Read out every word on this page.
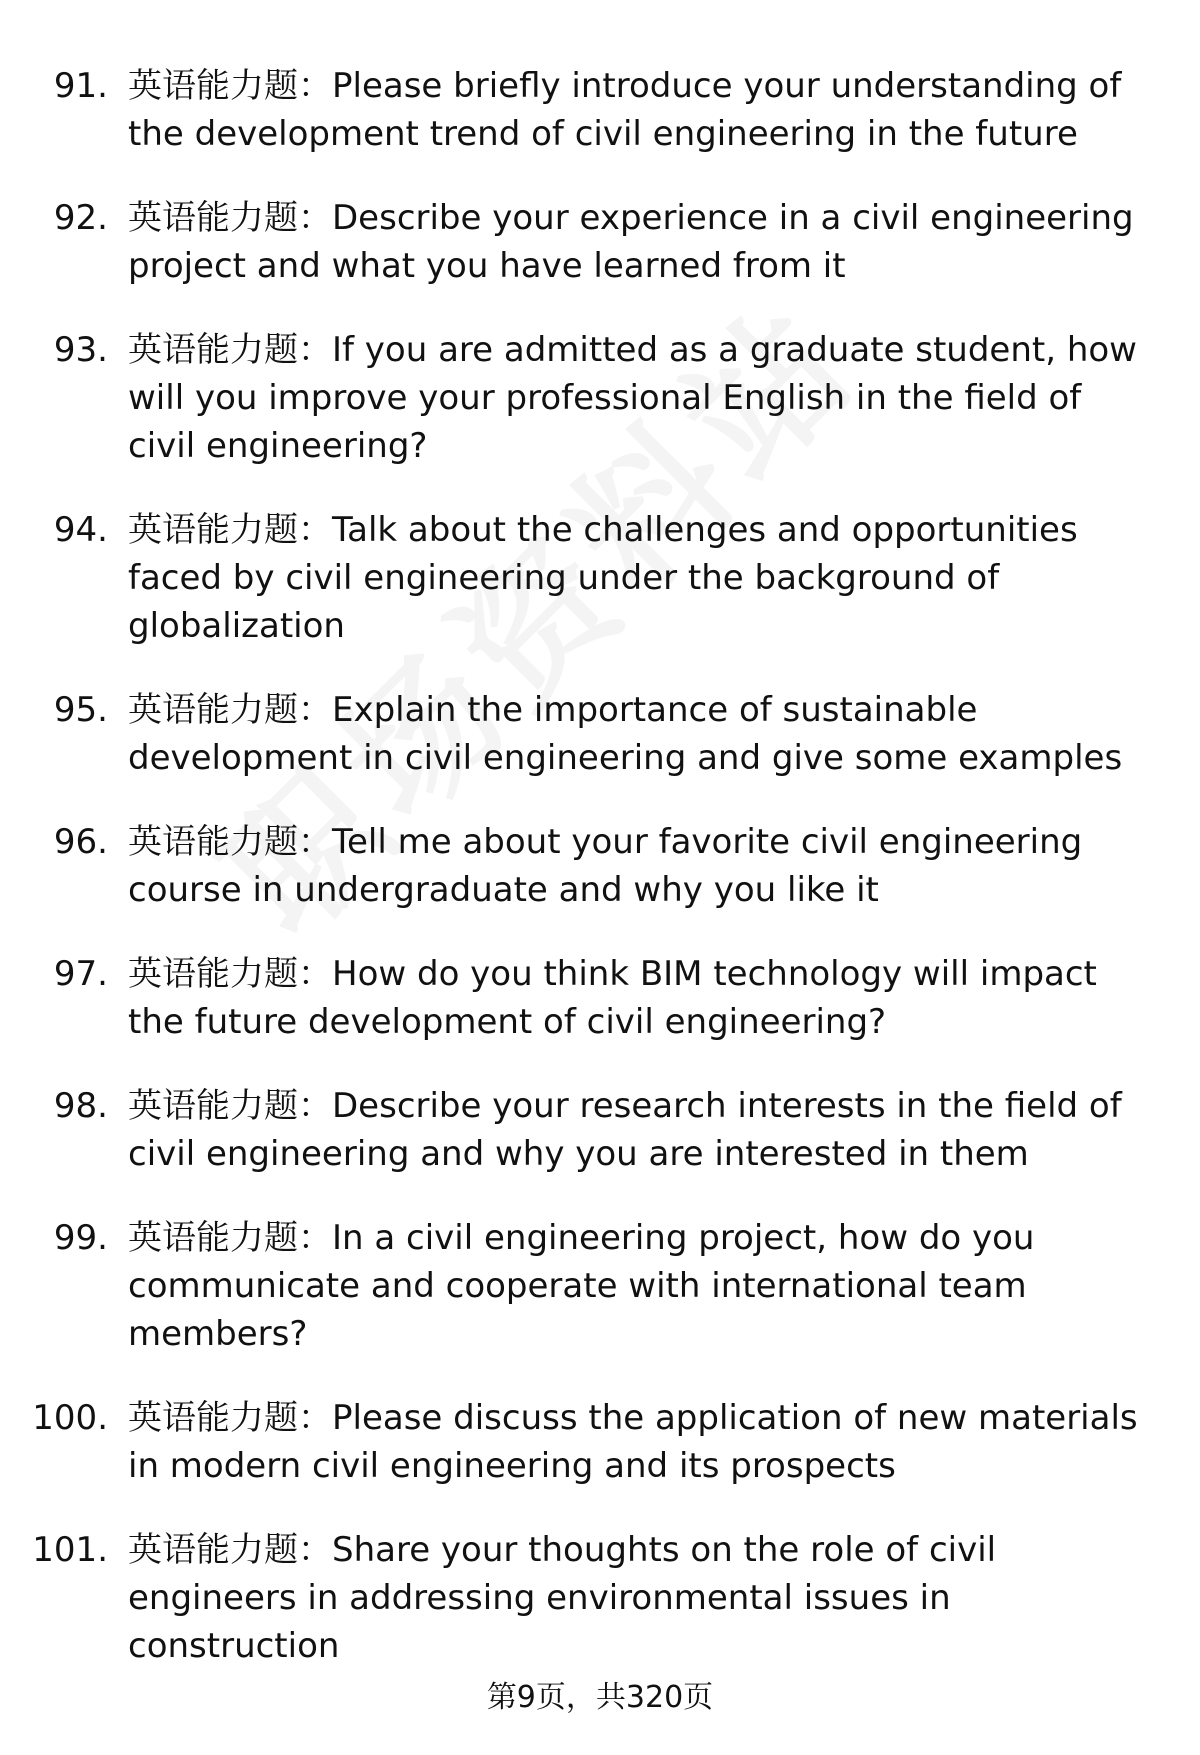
91. 英语能力题：Please briefly introduce your understanding of the development trend of civil engineering in the future
92. 英语能力题：Describe your experience in a civil engineering project and what you have learned from it
93. 英语能力题：If you are admitted as a graduate student, how will you improve your professional English in the field of civil engineering?
94. 英语能力题：Talk about the challenges and opportunities faced by civil engineering under the background of globalization
95. 英语能力题：Explain the importance of sustainable development in civil engineering and give some examples
96. 英语能力题：Tell me about your favorite civil engineering course in undergraduate and why you like it
97. 英语能力题：How do you think BIM technology will impact the future development of civil engineering?
98. 英语能力题：Describe your research interests in the field of civil engineering and why you are interested in them
99. 英语能力题：In a civil engineering project, how do you communicate and cooperate with international team members?
100. 英语能力题：Please discuss the application of new materials in modern civil engineering and its prospects
101. 英语能力题：Share your thoughts on the role of civil engineers in addressing environmental issues in construction
第9页，共320页
